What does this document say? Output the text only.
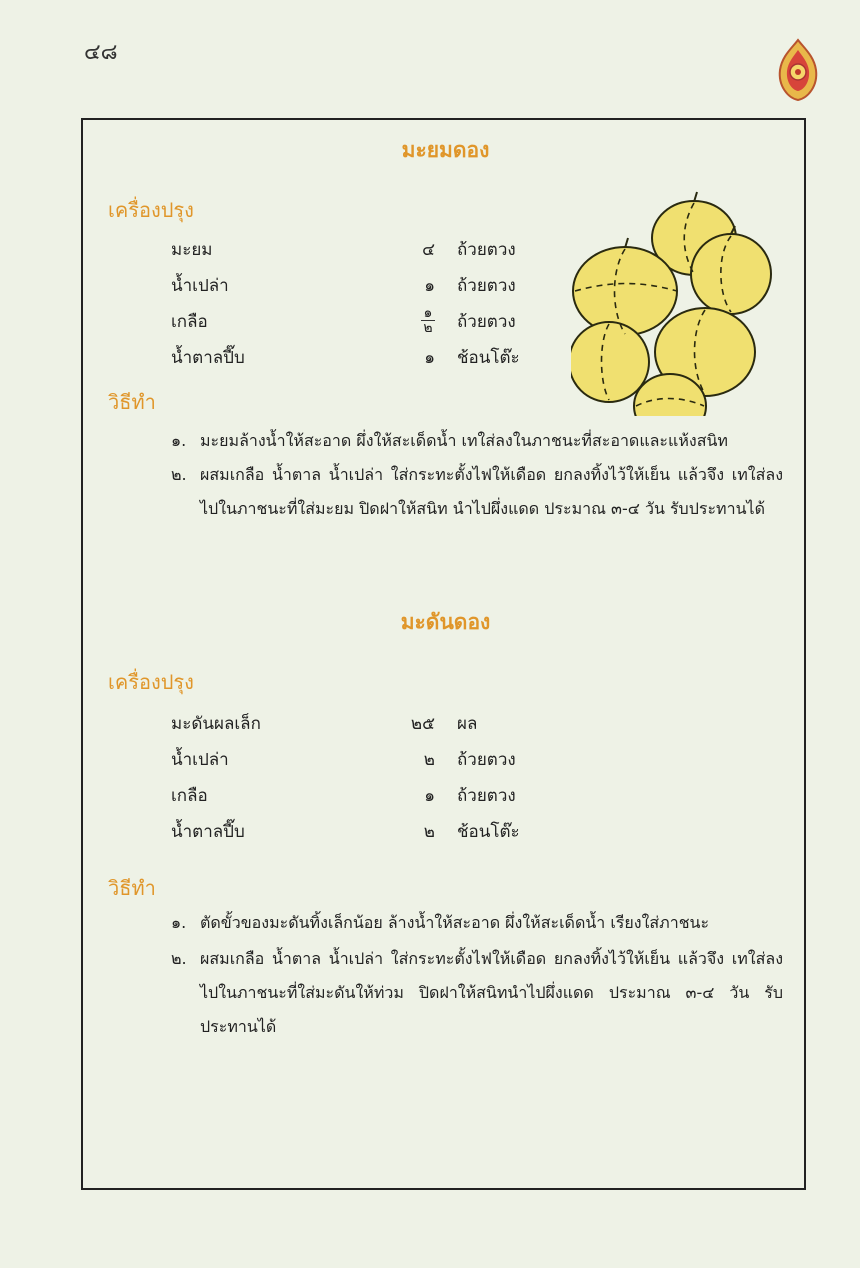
๔๘
มะยมดอง
เครื่องปรุง
มะยม	๔ ถ้วยตวง
น้ำเปล่า	๑ ถ้วยตวง
เกลือ	$\frac{๑}{๒}$ ถ้วยตวง
น้ำตาลปี๊บ	๑ ช้อนโต๊ะ
วิธีทำ
๑. มะยมล้างน้ำให้สะอาด ผึ่งให้สะเด็ดน้ำ เทใส่ลงในภาชนะที่สะอาดและแห้งสนิท
๒. ผสมเกลือ น้ำตาล น้ำเปล่า ใส่กระทะตั้งไฟให้เดือด ยกลงทิ้งไว้ให้เย็น แล้วจึง เทใส่ลงไปในภาชนะที่ใส่มะยม ปิดฝาให้สนิท นำไปผึ่งแดด ประมาณ ๓-๔ วัน รับประทานได้
มะดันดอง
เครื่องปรุง
มะดันผลเล็ก	๒๕ ผล
น้ำเปล่า	๒ ถ้วยตวง
เกลือ	๑ ถ้วยตวง
น้ำตาลปี๊บ	๒ ช้อนโต๊ะ
วิธีทำ
๑. ตัดขั้วของมะดันทิ้งเล็กน้อย ล้างน้ำให้สะอาด ผึ่งให้สะเด็ดน้ำ เรียงใส่ภาชนะ
๒. ผสมเกลือ น้ำตาล น้ำเปล่า ใส่กระทะตั้งไฟให้เดือด ยกลงทิ้งไว้ให้เย็น แล้วจึง เทใส่ลงไปในภาชนะที่ใส่มะดันให้ท่วม ปิดฝาให้สนิทนำไปผึ่งแดด ประมาณ ๓-๔ วัน รับประทานได้
